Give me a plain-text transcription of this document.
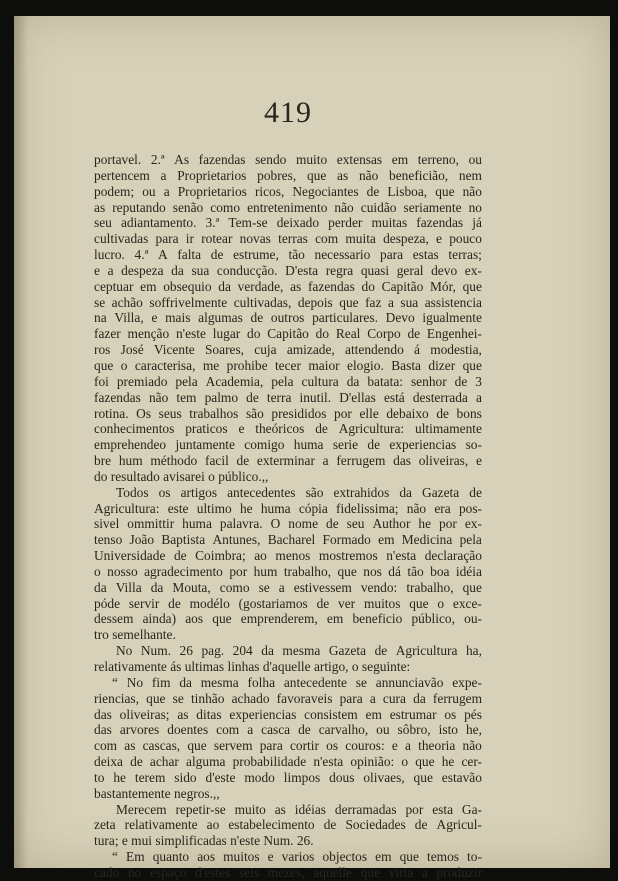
419
portavel. 2.ª As fazendas sendo muito extensas em terreno, ou
pertencem a Proprietarios pobres, que as não beneficião, nem
podem; ou a Proprietarios ricos, Negociantes de Lisboa, que não
as reputando senão como entretenimento não cuidão seriamente no
seu adiantamento. 3.ª Tem-se deixado perder muitas fazendas já
cultivadas para ir rotear novas terras com muita despeza, e pouco
lucro. 4.ª A falta de estrume, tão necessario para estas terras;
e a despeza da sua conducção. D'esta regra quasi geral devo ex-
ceptuar em obsequio da verdade, as fazendas do Capitão Mór, que
se achão soffrivelmente cultivadas, depois que faz a sua assistencia
na Villa, e mais algumas de outros particulares. Devo igualmente
fazer menção n'este lugar do Capitão do Real Corpo de Engenhei-
ros José Vicente Soares, cuja amizade, attendendo á modestia,
que o caracterisa, me prohibe tecer maior elogio. Basta dizer que
foi premiado pela Academia, pela cultura da batata: senhor de 3
fazendas não tem palmo de terra inutil. D'ellas está desterrada a
rotina. Os seus trabalhos são presididos por elle debaixo de bons
conhecimentos praticos e theóricos de Agricultura: ultimamente
emprehendeo juntamente comigo huma serie de experiencias so-
bre hum méthodo facil de exterminar a ferrugem das oliveiras, e
do resultado avisarei o público.,,
Todos os artigos antecedentes são extrahidos da Gazeta de
Agricultura: este ultimo he huma cópia fidelissima; não era pos-
sivel ommittir huma palavra. O nome de seu Author he por ex-
tenso João Baptista Antunes, Bacharel Formado em Medicina pela
Universidade de Coimbra; ao menos mostremos n'esta declaração
o nosso agradecimento por hum trabalho, que nos dá tão boa idéia
da Villa da Mouta, como se a estivessem vendo: trabalho, que
póde servir de modélo (gostariamos de ver muitos que o exce-
dessem ainda) aos que emprenderem, em beneficio público, ou-
tro semelhante.
No Num. 26 pag. 204 da mesma Gazeta de Agricultura ha,
relativamente ás ultimas linhas d'aquelle artigo, o seguinte:
“ No fim da mesma folha antecedente se annunciavão expe-
riencias, que se tinhão achado favoraveis para a cura da ferrugem
das oliveiras; as ditas experiencias consistem em estrumar os pés
das arvores doentes com a casca de carvalho, ou sôbro, isto he,
com as cascas, que servem para cortir os couros: e a theoria não
deixa de achar alguma probabilidade n'esta opinião: o que he cer-
to he terem sido d'este modo limpos dous olivaes, que estavão
bastantemente negros.,,
Merecem repetir-se muito as idéias derramadas por esta Ga-
zeta relativamente ao estabelecimento de Sociedades de Agricul-
tura; e mui simplificadas n'este Num. 26.
“ Em quanto aos muitos e varios objectos em que temos to-
cado no espaço d'estes seis mezes, aquelle que viria a produzir
